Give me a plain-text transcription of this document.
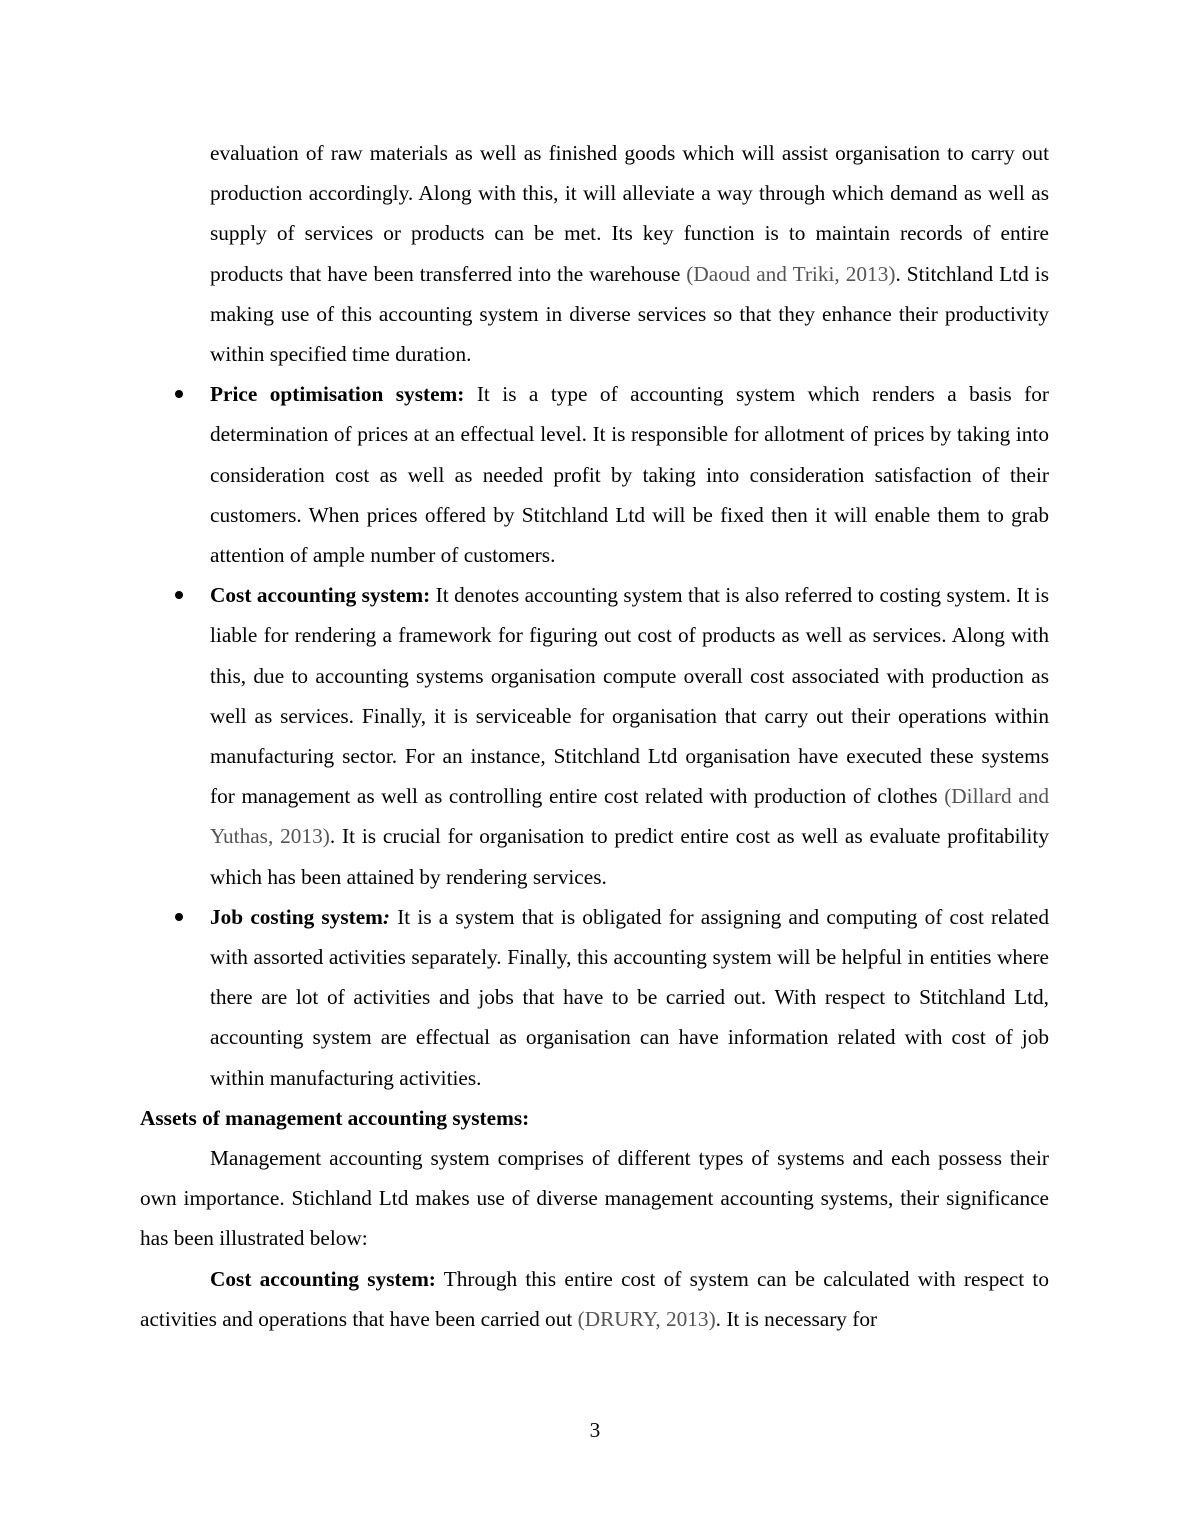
evaluation of raw materials as well as finished goods which will assist organisation to carry out production accordingly. Along with this, it will alleviate a way through which demand as well as supply of services or products can be met. Its key function is to maintain records of entire products that have been transferred into the warehouse (Daoud and Triki, 2013). Stitchland Ltd is making use of this accounting system in diverse services so that they enhance their productivity within specified time duration.

Price optimisation system: It is a type of accounting system which renders a basis for determination of prices at an effectual level. It is responsible for allotment of prices by taking into consideration cost as well as needed profit by taking into consideration satisfaction of their customers. When prices offered by Stitchland Ltd will be fixed then it will enable them to grab attention of ample number of customers.
Cost accounting system: It denotes accounting system that is also referred to costing system. It is liable for rendering a framework for figuring out cost of products as well as services. Along with this, due to accounting systems organisation compute overall cost associated with production as well as services. Finally, it is serviceable for organisation that carry out their operations within manufacturing sector. For an instance, Stitchland Ltd organisation have executed these systems for management as well as controlling entire cost related with production of clothes (Dillard and Yuthas, 2013). It is crucial for organisation to predict entire cost as well as evaluate profitability which has been attained by rendering services.
Job costing system: It is a system that is obligated for assigning and computing of cost related with assorted activities separately. Finally, this accounting system will be helpful in entities where there are lot of activities and jobs that have to be carried out. With respect to Stitchland Ltd, accounting system are effectual as organisation can have information related with cost of job within manufacturing activities.

Assets of management accounting systems:

Management accounting system comprises of different types of systems and each possess their own importance. Stichland Ltd makes use of diverse management accounting systems, their significance has been illustrated below:

Cost accounting system: Through this entire cost of system can be calculated with respect to activities and operations that have been carried out (DRURY, 2013). It is necessary for

3
